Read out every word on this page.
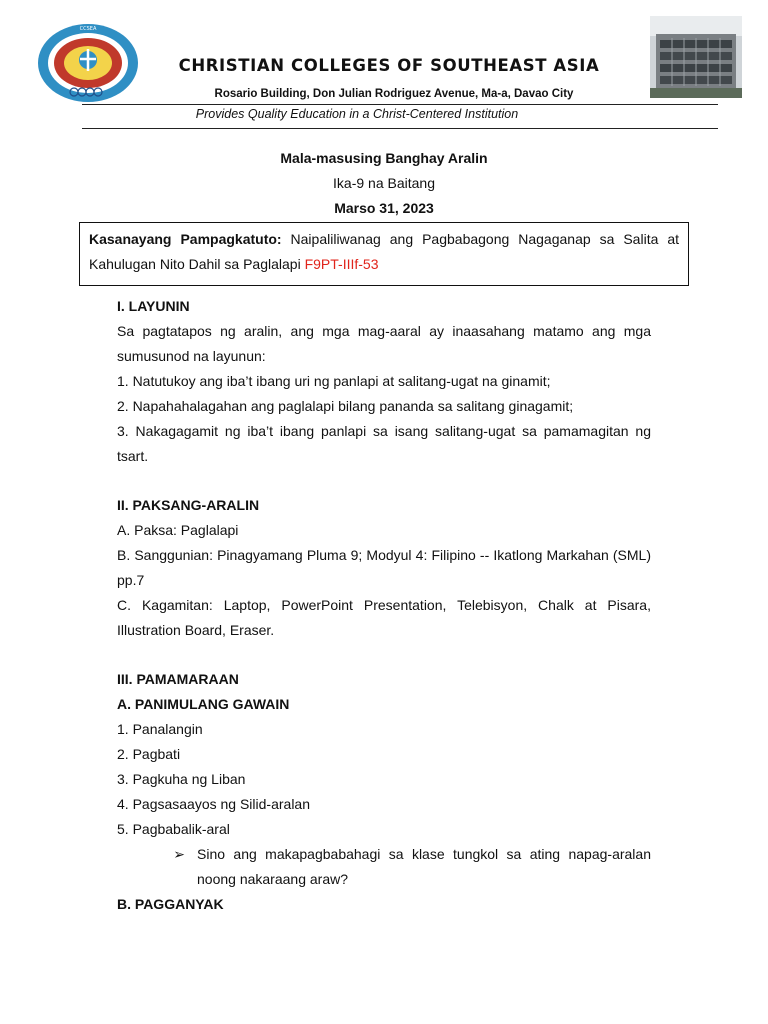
CCSEA
CHRISTIAN COLLEGES OF SOUTHEAST ASIA
Rosario Building, Don Julian Rodriguez Avenue, Ma-a, Davao City
Provides Quality Education in a Christ-Centered Institution
Mala-masusing Banghay Aralin
Ika-9 na Baitang
Marso 31, 2023
Kasanayang Pampagkatuto: Naipaliliwanag ang Pagbabagong Nagaganap sa Salita at Kahulugan Nito Dahil sa Paglalapi F9PT-IIIf-53

I. LAYUNIN

Sa pagtatapos ng aralin, ang mga mag-aaral ay inaasahang matamo ang mga sumusunod na layunun:

1. Natutukoy ang iba’t ibang uri ng panlapi at salitang-ugat na ginamit;

2. Napahahalagahan ang paglalapi bilang pananda sa salitang ginagamit;

3. Nakagagamit ng iba’t ibang panlapi sa isang salitang-ugat sa pamamagitan ng tsart.

II. PAKSANG-ARALIN

A. Paksa: Paglalapi

B. Sanggunian: Pinagyamang Pluma 9; Modyul 4: Filipino -- Ikatlong Markahan (SML) pp.7

C. Kagamitan: Laptop, PowerPoint Presentation, Telebisyon, Chalk at Pisara, Illustration Board, Eraser.

III. PAMAMARAAN

A. PANIMULANG GAWAIN

1. Panalangin

2. Pagbati

3. Pagkuha ng Liban

4. Pagsasaayos ng Silid-aralan

5. Pagbabalik-aral

➢ Sino ang makapagbabahagi sa klase tungkol sa ating napag-aralan noong nakaraang araw?

B. PAGGANYAK
